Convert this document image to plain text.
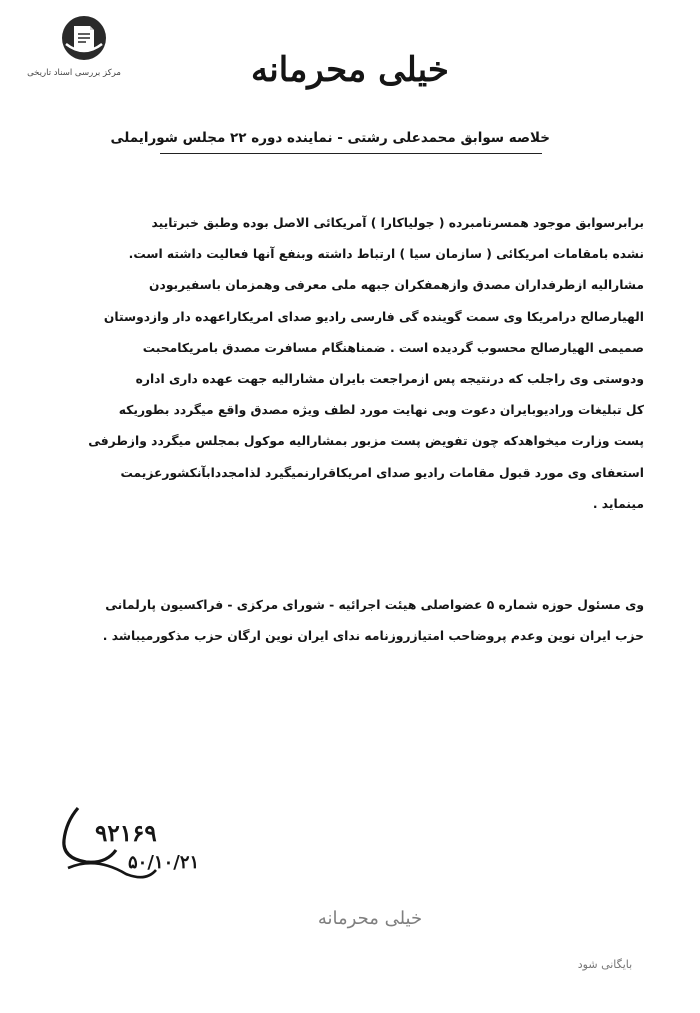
مرکز بررسی اسناد تاریخی	خیلی محرمانه
خلاصه سوابق محمدعلی رشتی - نماینده دوره ۲۲ مجلس شورایملی
برابرسوابق موجود همسرنامبرده ( جولیاکارا ) آمریکائی الاصل بوده وطبق خبرتایید
نشده بامقامات امریکائی ( سازمان سیا ) ارتباط داشته وبنفع آنها فعالیت داشته است.
مشارالیه ازطرفداران مصدق وازهمفکران جبهه ملی معرفی وهمزمان باسفیربودن
الهیارصالح درامریکا وی سمت گوینده گی فارسی رادیو صدای امریکاراعهده دار وازدوستان
صمیمی الهیارصالح محسوب گردیده است . ضمناهنگام مسافرت مصدق بامریکامحبت
ودوستی وی راجلب که درنتیجه پس ازمراجعت بایران مشارالیه جهت عهده داری اداره
کل تبلیغات ورادیوبایران دعوت وبی نهایت مورد لطف ویژه مصدق واقع میگردد بطوریکه
پست وزارت میخواهدکه چون تفویض پست مزبور بمشارالیه موکول بمجلس میگردد وازطرفی
استعفای وی مورد قبول مقامات رادیو صدای امریکاقرارنمیگیرد لذامجددابآنکشورعزیمت
مینماید .
وی مسئول حوزه شماره ۵ عضواصلی هیئت اجرائیه - شورای مرکزی - فراکسیون پارلمانی
حزب ایران نوین وعدم پروضاحب امتیازروزنامه ندای ایران نوین ارگان حزب مذکورمیباشد .
۹۲۱۶۹
۵۰/۱۰/۲۱
خیلی محرمانه
بایگانی شود
